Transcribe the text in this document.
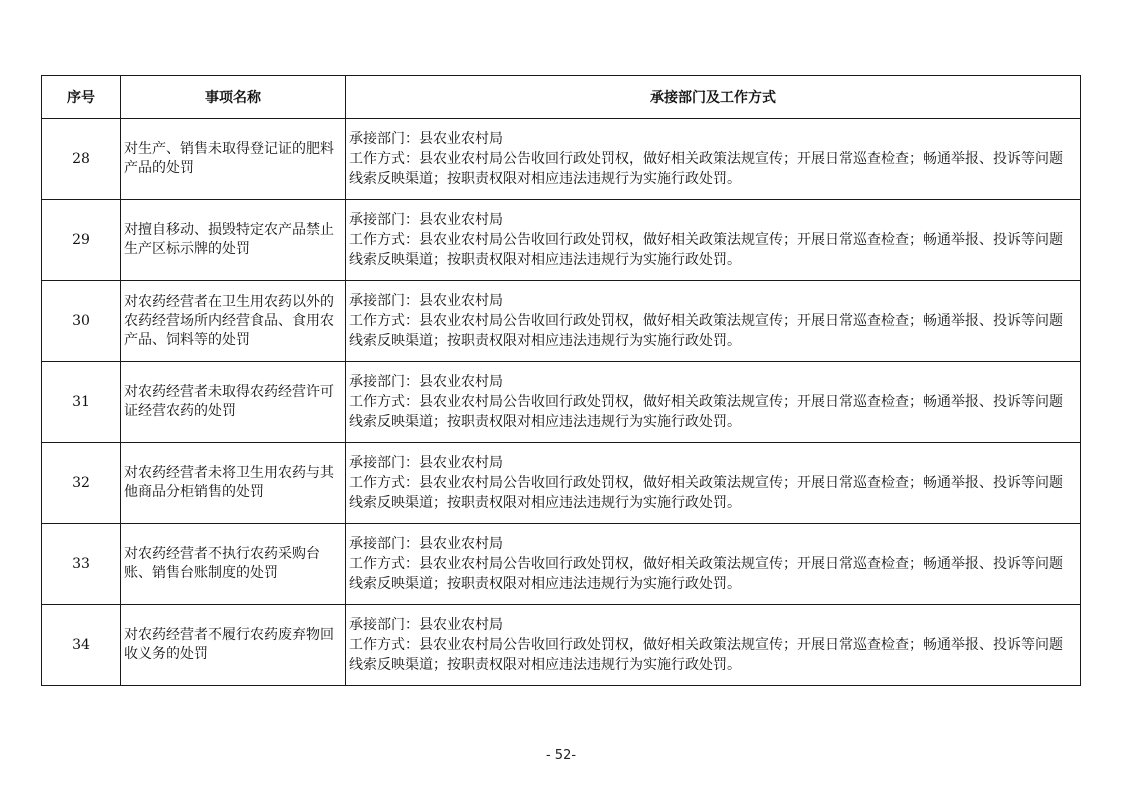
序号	事项名称	承接部门及工作方式
28	对生产、销售未取得登记证的肥料产品的处罚	承接部门：县农业农村局
工作方式：县农业农村局公告收回行政处罚权，做好相关政策法规宣传；开展日常巡查检查；畅通举报、投诉等问题线索反映渠道；按职责权限对相应违法违规行为实施行政处罚。

29	对擅自移动、损毁特定农产品禁止生产区标示牌的处罚	承接部门：县农业农村局
工作方式：县农业农村局公告收回行政处罚权，做好相关政策法规宣传；开展日常巡查检查；畅通举报、投诉等问题线索反映渠道；按职责权限对相应违法违规行为实施行政处罚。

30	对农药经营者在卫生用农药以外的农药经营场所内经营食品、食用农产品、饲料等的处罚	承接部门：县农业农村局
工作方式：县农业农村局公告收回行政处罚权，做好相关政策法规宣传；开展日常巡查检查；畅通举报、投诉等问题线索反映渠道；按职责权限对相应违法违规行为实施行政处罚。

31	对农药经营者未取得农药经营许可证经营农药的处罚	承接部门：县农业农村局
工作方式：县农业农村局公告收回行政处罚权，做好相关政策法规宣传；开展日常巡查检查；畅通举报、投诉等问题线索反映渠道；按职责权限对相应违法违规行为实施行政处罚。

32	对农药经营者未将卫生用农药与其他商品分柜销售的处罚	承接部门：县农业农村局
工作方式：县农业农村局公告收回行政处罚权，做好相关政策法规宣传；开展日常巡查检查；畅通举报、投诉等问题线索反映渠道；按职责权限对相应违法违规行为实施行政处罚。

33	对农药经营者不执行农药采购台账、销售台账制度的处罚	承接部门：县农业农村局
工作方式：县农业农村局公告收回行政处罚权，做好相关政策法规宣传；开展日常巡查检查；畅通举报、投诉等问题线索反映渠道；按职责权限对相应违法违规行为实施行政处罚。

34	对农药经营者不履行农药废弃物回收义务的处罚	承接部门：县农业农村局
工作方式：县农业农村局公告收回行政处罚权，做好相关政策法规宣传；开展日常巡查检查；畅通举报、投诉等问题线索反映渠道；按职责权限对相应违法违规行为实施行政处罚。
- 52-
